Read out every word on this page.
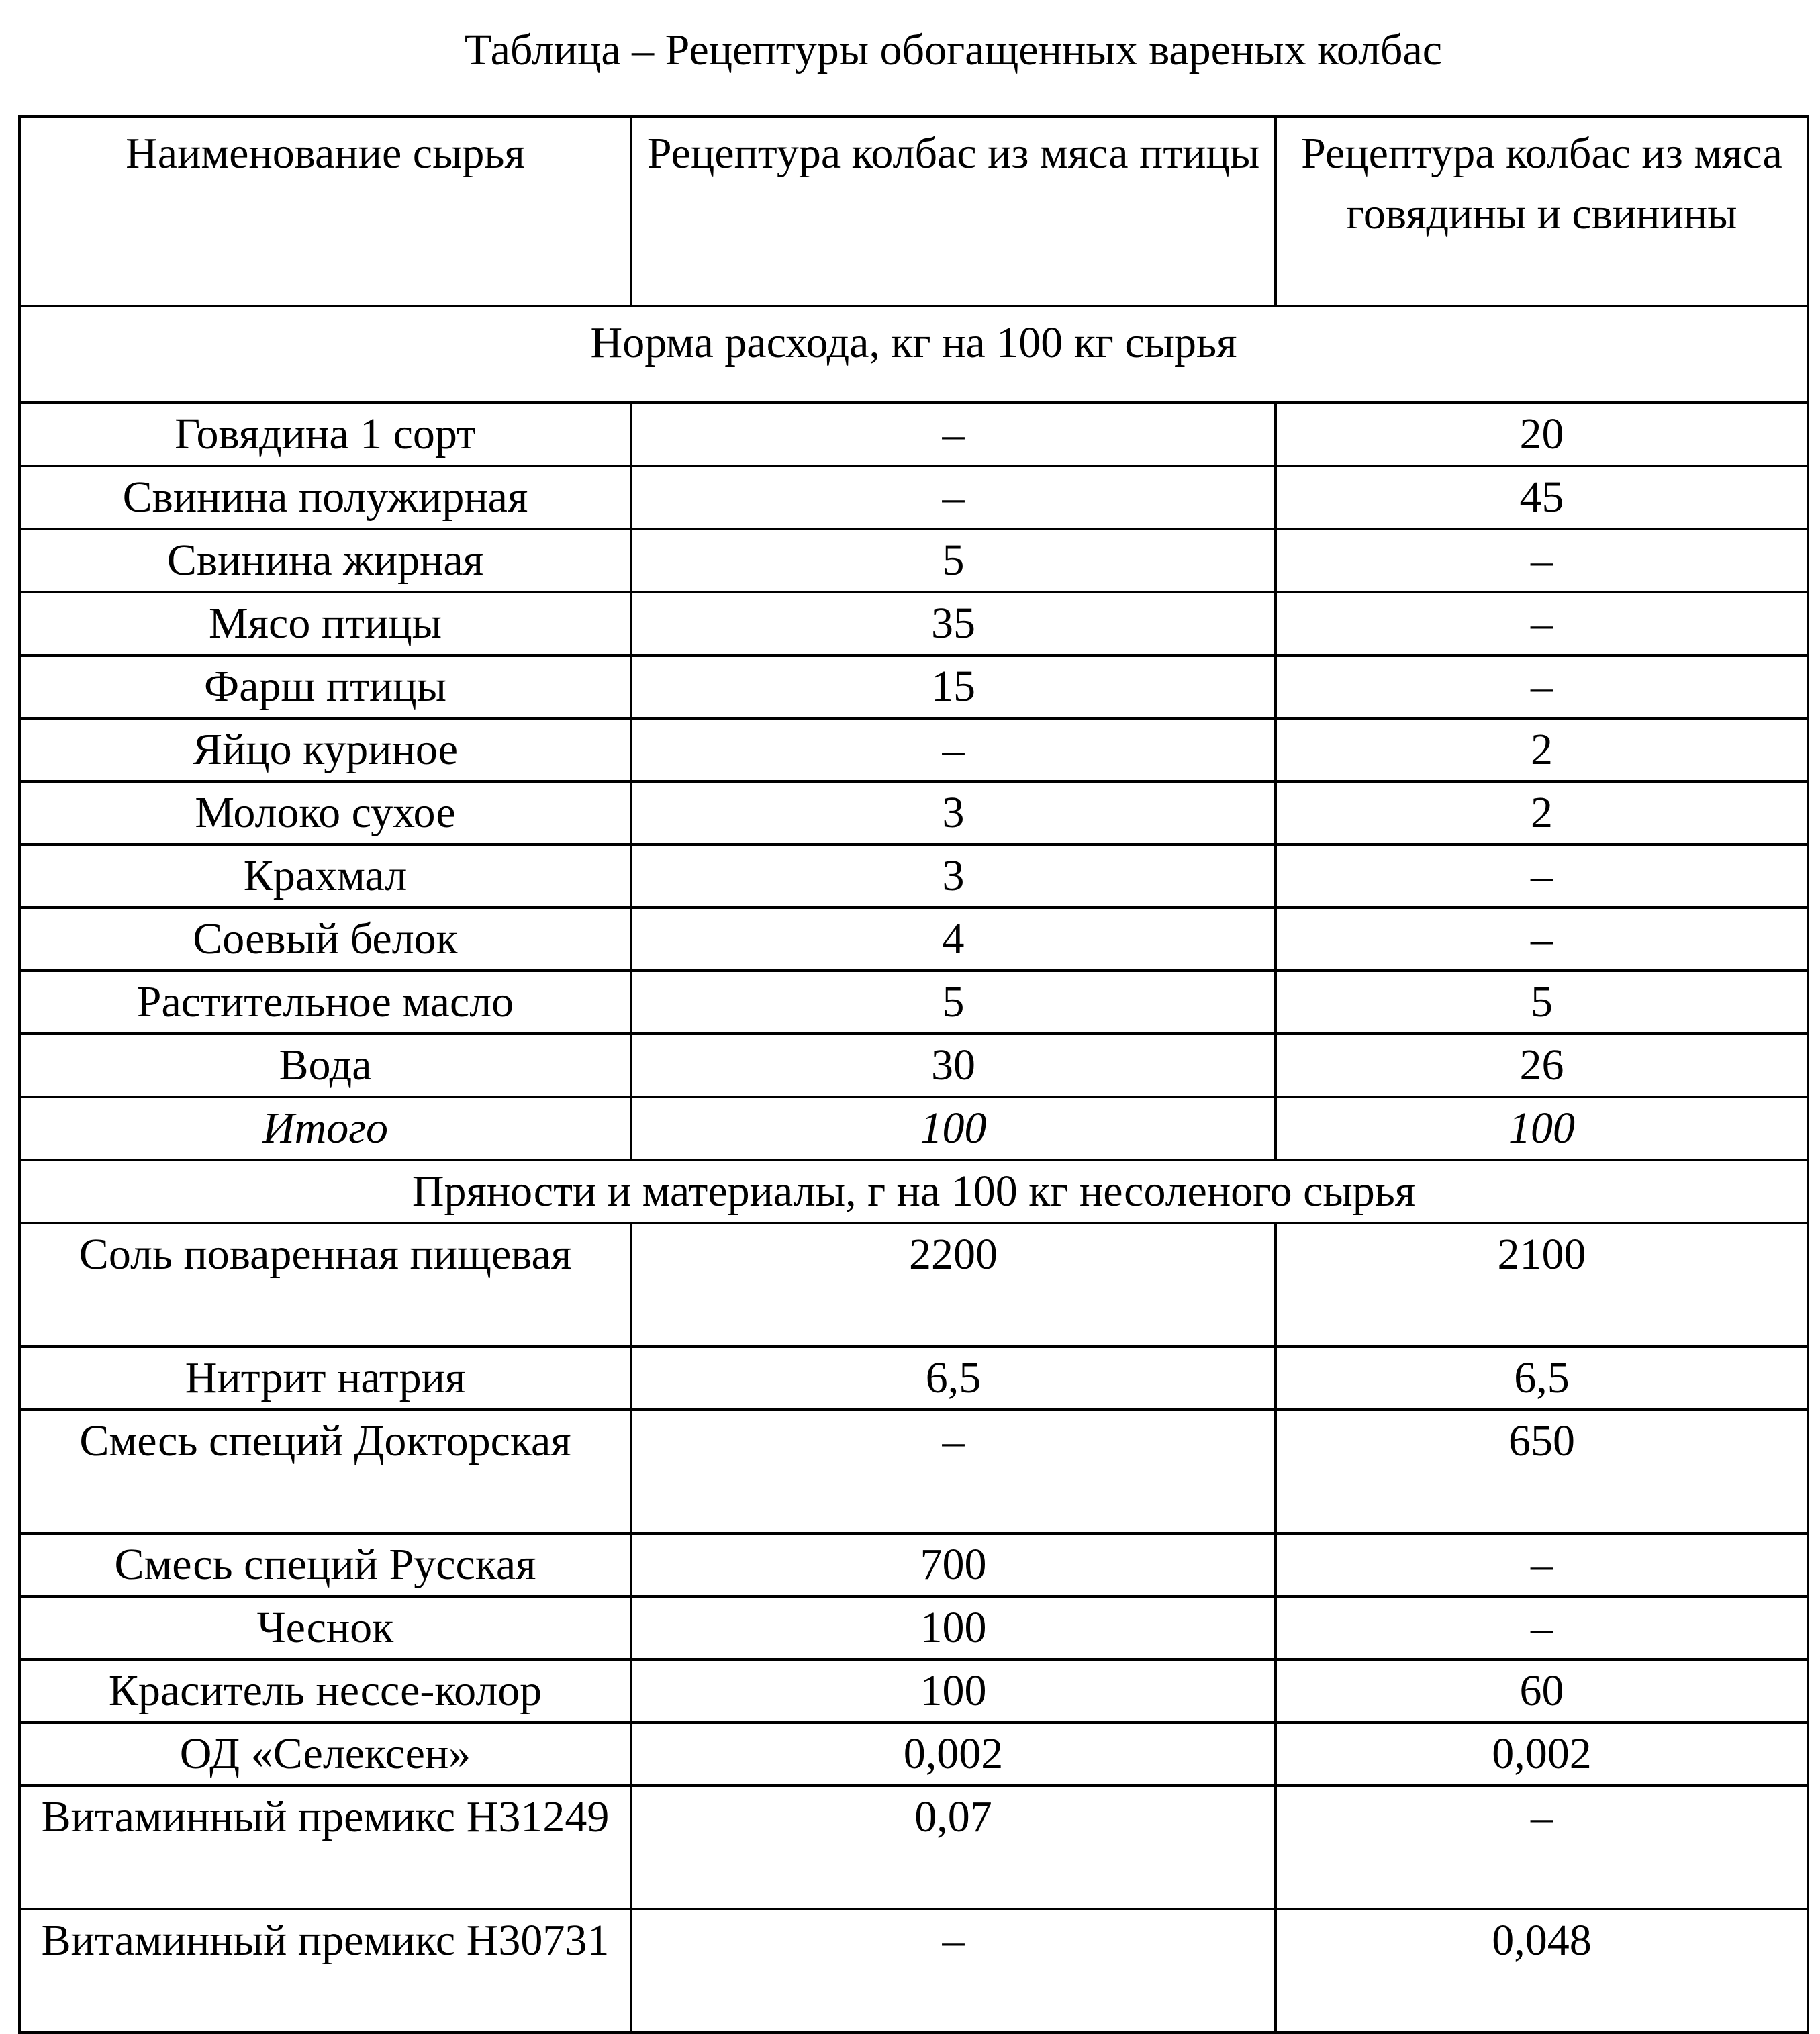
Таблица – Рецептуры обогащенных вареных колбас
Наименование сырья	Рецептура колбас из мяса птицы	Рецептура колбас из мяса говядины и свинины
Норма расхода, кг на 100 кг сырья		
Говядина 1 сорт	–	20
Свинина полужирная	–	45
Свинина жирная	5	–
Мясо птицы	35	–
Фарш птицы	15	–
Яйцо куриное	–	2
Молоко сухое	3	2
Крахмал	3	–
Соевый белок	4	–
Растительное масло	5	5
Вода	30	26
Итого	100	100
Пряности и материалы, г на 100 кг несоленого сырья		
Соль поваренная пищевая	2200	2100
Нитрит натрия	6,5	6,5
Смесь специй Докторская	–	650
Смесь специй Русская	700	–
Чеснок	100	–
Краситель нессе-колор	100	60
ОД «Селексен»	0,002	0,002
Витаминный премикс Н31249	0,07	–
Витаминный премикс Н30731	–	0,048
